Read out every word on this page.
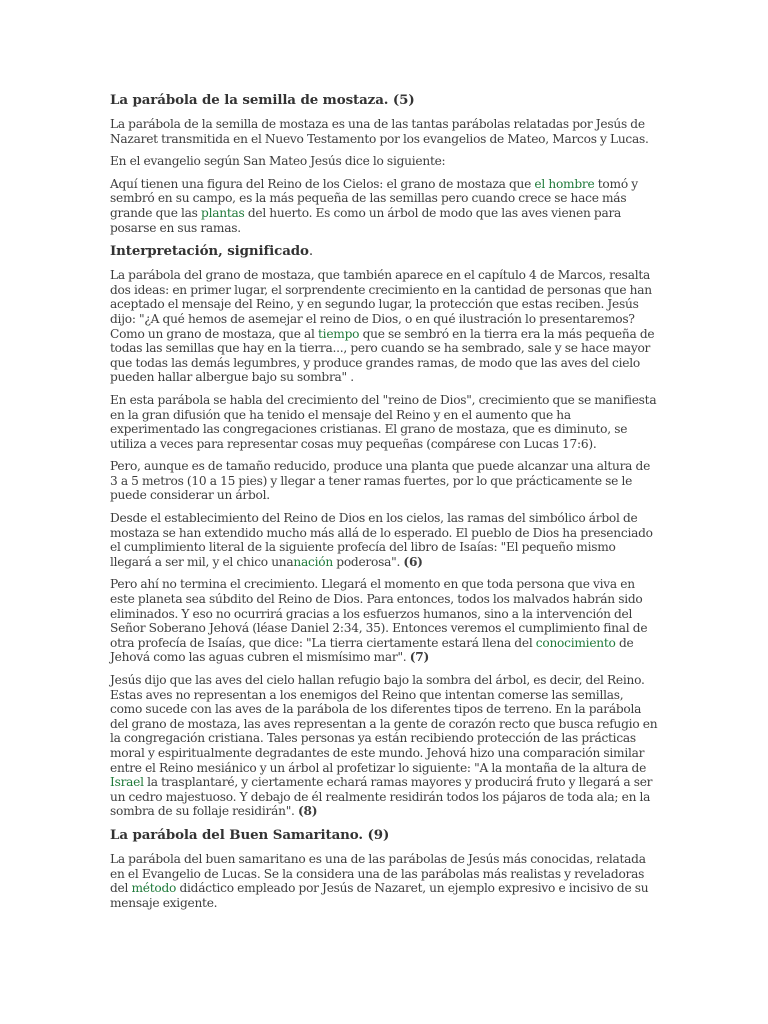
La parábola de la semilla de mostaza. (5)

La parábola de la semilla de mostaza es una de las tantas parábolas relatadas por Jesús de Nazaret transmitida en el Nuevo Testamento por los evangelios de Mateo, Marcos y Lucas.

En el evangelio según San Mateo Jesús dice lo siguiente:

Aquí tienen una figura del Reino de los Cielos: el grano de mostaza que el hombre tomó y sembró en su campo, es la más pequeña de las semillas pero cuando crece se hace más grande que las plantas del huerto. Es como un árbol de modo que las aves vienen para posarse en sus ramas.

Interpretación, significado.

La parábola del grano de mostaza, que también aparece en el capítulo 4 de Marcos, resalta dos ideas: en primer lugar, el sorprendente crecimiento en la cantidad de personas que han aceptado el mensaje del Reino, y en segundo lugar, la protección que estas reciben. Jesús dijo: "¿A qué hemos de asemejar el reino de Dios, o en qué ilustración lo presentaremos? Como un grano de mostaza, que al tiempo que se sembró en la tierra era la más pequeña de todas las semillas que hay en la tierra..., pero cuando se ha sembrado, sale y se hace mayor que todas las demás legumbres, y produce grandes ramas, de modo que las aves del cielo pueden hallar albergue bajo su sombra" .

En esta parábola se habla del crecimiento del "reino de Dios", crecimiento que se manifiesta en la gran difusión que ha tenido el mensaje del Reino y en el aumento que ha experimentado las congregaciones cristianas. El grano de mostaza, que es diminuto, se utiliza a veces para representar cosas muy pequeñas (compárese con Lucas 17:6).

Pero, aunque es de tamaño reducido, produce una planta que puede alcanzar una altura de 3 a 5 metros (10 a 15 pies) y llegar a tener ramas fuertes, por lo que prácticamente se le puede considerar un árbol.

Desde el establecimiento del Reino de Dios en los cielos, las ramas del simbólico árbol de mostaza se han extendido mucho más allá de lo esperado. El pueblo de Dios ha presenciado el cumplimiento literal de la siguiente profecía del libro de Isaías: "El pequeño mismo llegará a ser mil, y el chico unanación poderosa". (6)

Pero ahí no termina el crecimiento. Llegará el momento en que toda persona que viva en este planeta sea súbdito del Reino de Dios. Para entonces, todos los malvados habrán sido eliminados. Y eso no ocurrirá gracias a los esfuerzos humanos, sino a la intervención del Señor Soberano Jehová (léase Daniel 2:34, 35). Entonces veremos el cumplimiento final de otra profecía de Isaías, que dice: "La tierra ciertamente estará llena del conocimiento de Jehová como las aguas cubren el mismísimo mar". (7)

Jesús dijo que las aves del cielo hallan refugio bajo la sombra del árbol, es decir, del Reino. Estas aves no representan a los enemigos del Reino que intentan comerse las semillas, como sucede con las aves de la parábola de los diferentes tipos de terreno. En la parábola del grano de mostaza, las aves representan a la gente de corazón recto que busca refugio en la congregación cristiana. Tales personas ya están recibiendo protección de las prácticas moral y espiritualmente degradantes de este mundo. Jehová hizo una comparación similar entre el Reino mesiánico y un árbol al profetizar lo siguiente: "A la montaña de la altura de Israel la trasplantaré, y ciertamente echará ramas mayores y producirá fruto y llegará a ser un cedro majestuoso. Y debajo de él realmente residirán todos los pájaros de toda ala; en la sombra de su follaje residirán". (8)

La parábola del Buen Samaritano. (9)

La parábola del buen samaritano es una de las parábolas de Jesús más conocidas, relatada en el Evangelio de Lucas. Se la considera una de las parábolas más realistas y reveladoras del método didáctico empleado por Jesús de Nazaret, un ejemplo expresivo e incisivo de su mensaje exigente.
